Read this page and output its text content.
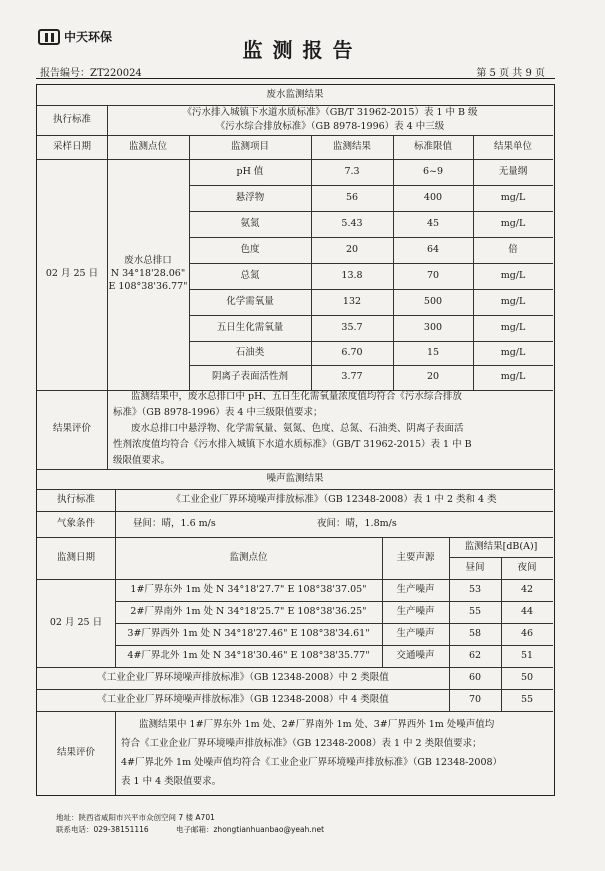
中天环保
监测报告
报告编号：ZT220024	第 5 页 共 9 页
废水监测结果
执行标准
《污水排入城镇下水道水质标准》（GB/T 31962-2015）表 1 中 B 级
《污水综合排放标准》（GB 8978-1996）表 4 中三级
采样日期	监测点位	监测项目	监测结果	标准限值	结果单位
02 月 25 日
废水总排口
N 34°18'28.06"
E 108°38'36.77"
pH 值	7.3	6~9	无量纲
悬浮物	56	400	mg/L
氨氮	5.43	45	mg/L
色度	20	64	倍
总氮	13.8	70	mg/L
化学需氧量	132	500	mg/L
五日生化需氧量	35.7	300	mg/L
石油类	6.70	15	mg/L
阴离子表面活性剂	3.77	20	mg/L
结果评价
监测结果中，废水总排口中 pH、五日生化需氧量浓度值均符合《污水综合排放
标准》（GB 8978-1996）表 4 中三级限值要求；
废水总排口中悬浮物、化学需氧量、氨氮、色度、总氮、石油类、阴离子表面活
性剂浓度值均符合《污水排入城镇下水道水质标准》（GB/T 31962-2015）表 1 中 B
级限值要求。
噪声监测结果
执行标准	《工业企业厂界环境噪声排放标准》（GB 12348-2008）表 1 中 2 类和 4 类
气象条件	昼间：晴，1.6 m/s	夜间：晴，1.8m/s
监测日期	监测点位	主要声源
监测结果[dB(A)]
昼间	夜间
02 月 25 日
1#厂界东外 1m 处 N 34°18'27.7" E 108°38'37.05"	生产噪声	53	42
2#厂界南外 1m 处 N 34°18'25.7" E 108°38'36.25"	生产噪声	55	44
3#厂界西外 1m 处 N 34°18'27.46" E 108°38'34.61"	生产噪声	58	46
4#厂界北外 1m 处 N 34°18'30.46" E 108°38'35.77"	交通噪声	62	51
《工业企业厂界环境噪声排放标准》（GB 12348-2008）中 2 类限值	60	50
《工业企业厂界环境噪声排放标准》（GB 12348-2008）中 4 类限值	70	55
结果评价
监测结果中 1#厂界东外 1m 处、2#厂界南外 1m 处、3#厂界西外 1m 处噪声值均
符合《工业企业厂界环境噪声排放标准》（GB 12348-2008）表 1 中 2 类限值要求；
4#厂界北外 1m 处噪声值均符合《工业企业厂界环境噪声排放标准》（GB 12348-2008）
表 1 中 4 类限值要求。
地址：陕西省咸阳市兴平市众创空间 7 楼 A701
联系电话：029-38151116	电子邮箱：zhongtianhuanbao@yeah.net
